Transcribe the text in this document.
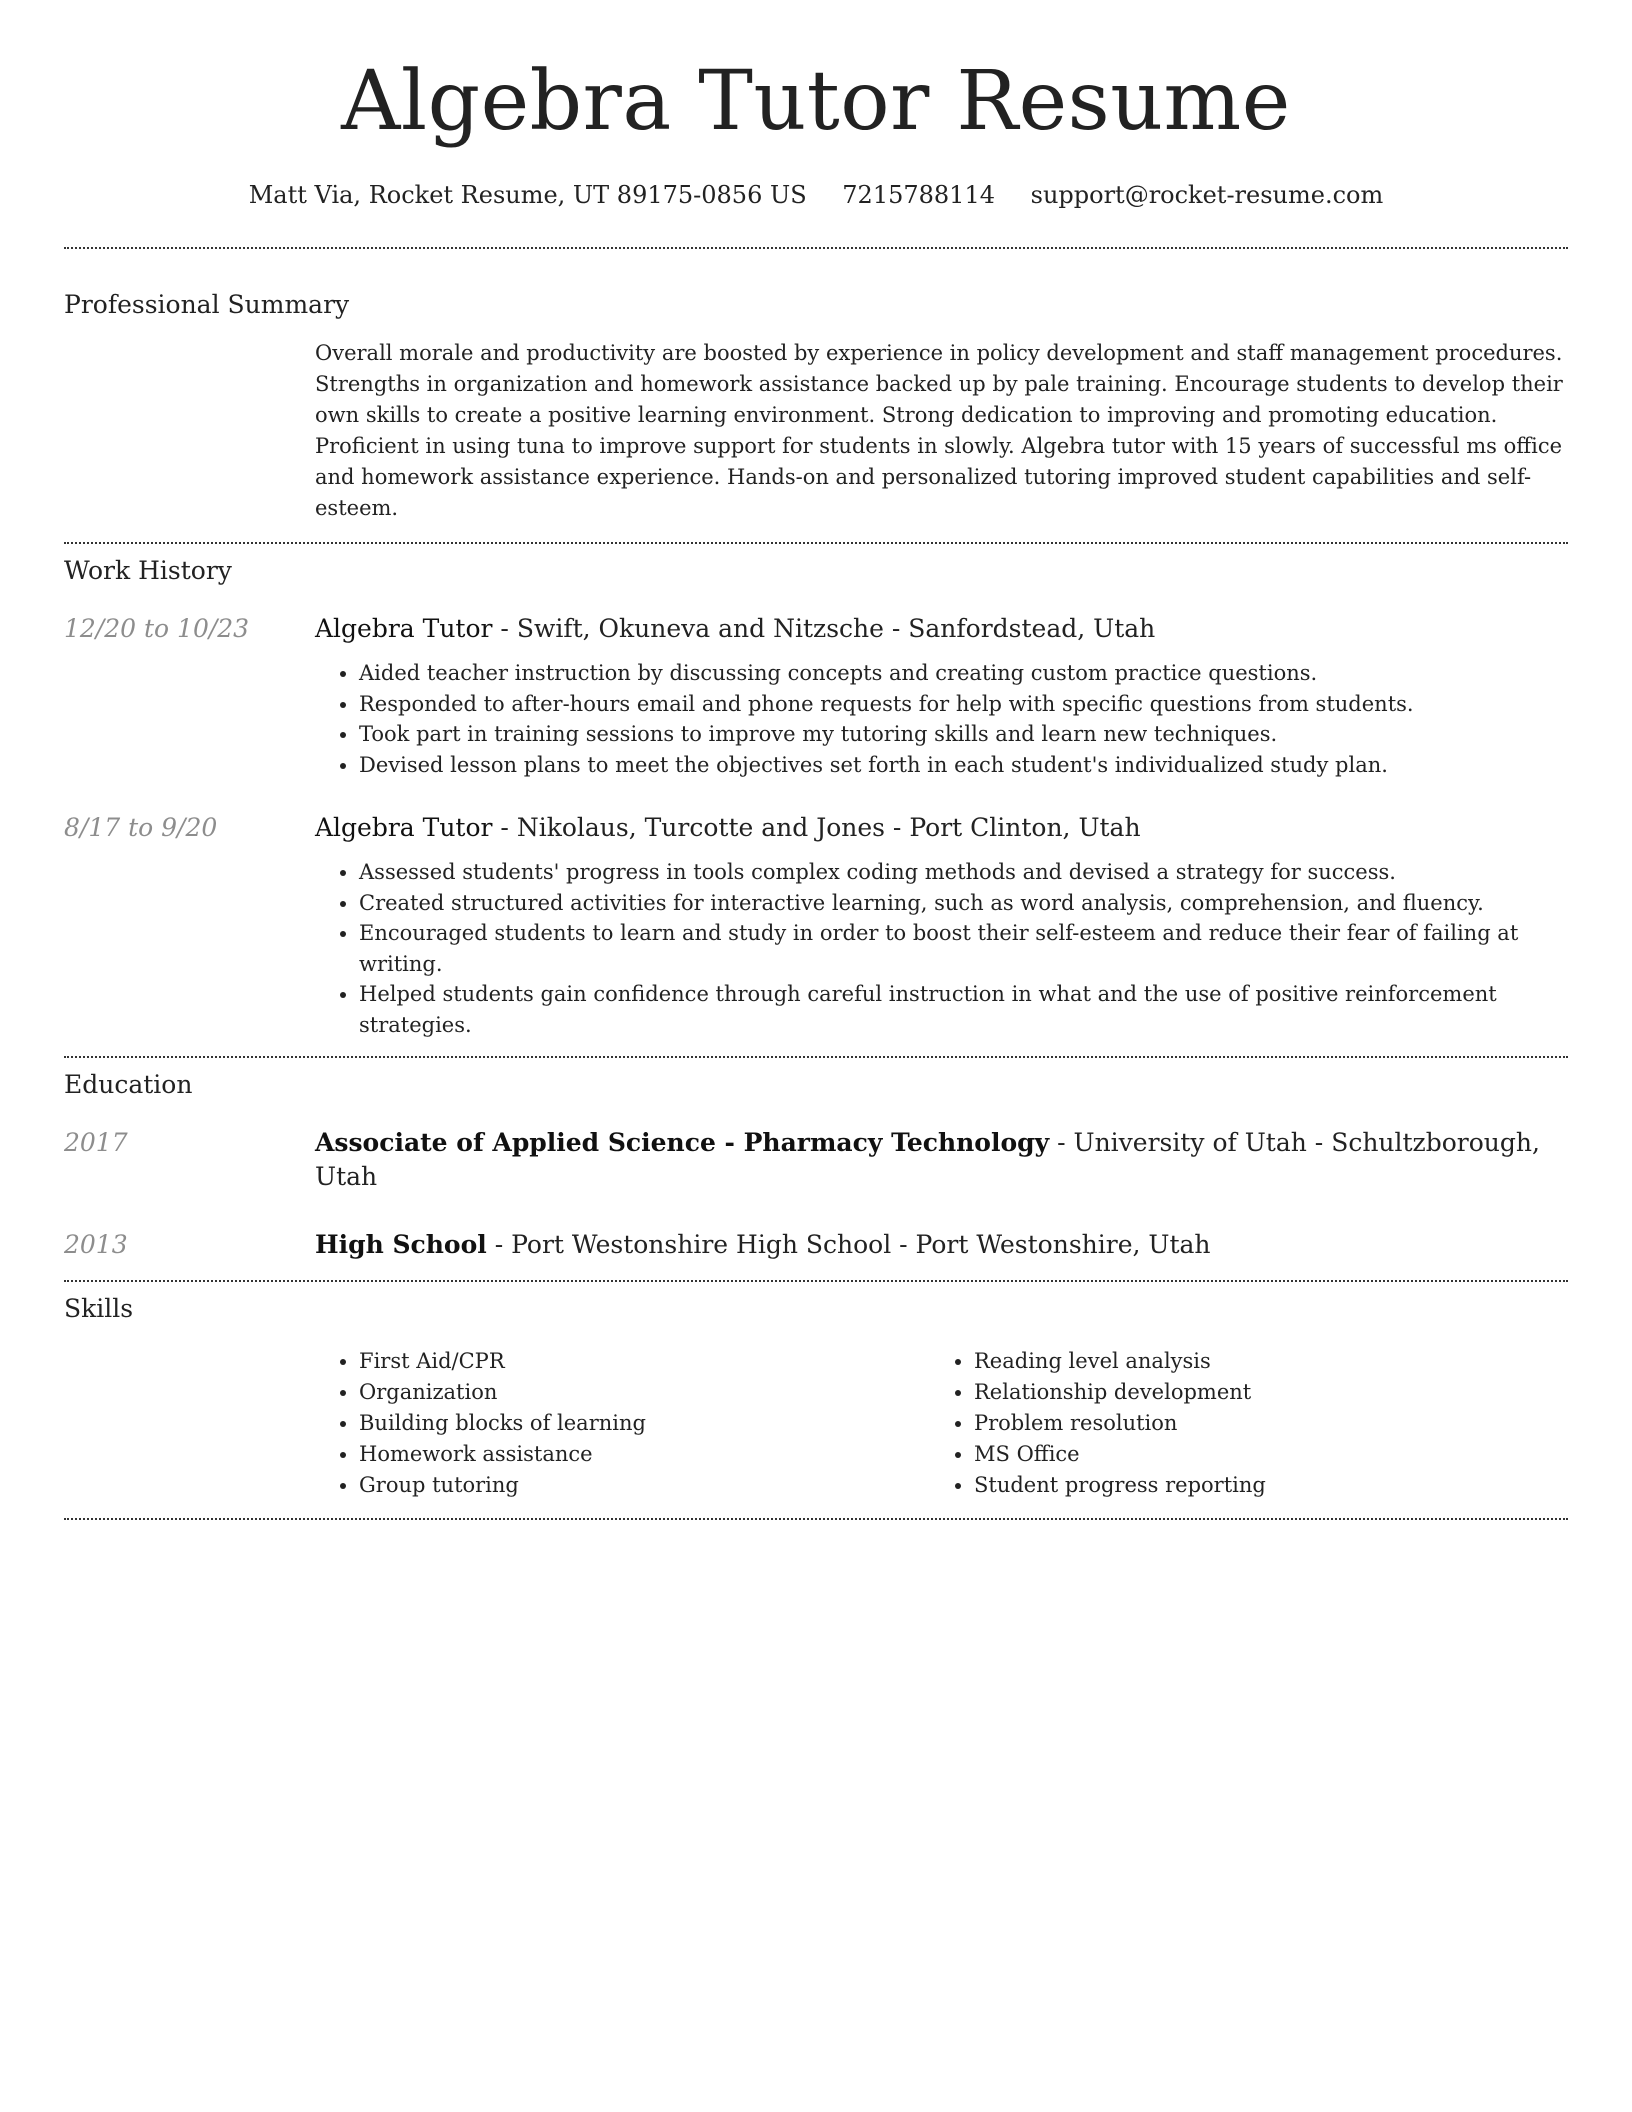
Algebra Tutor Resume
Matt Via, Rocket Resume, UT 89175-0856 US 7215788114 support@rocket-resume.com
Professional Summary

Overall morale and productivity are boosted by experience in policy development and staff management procedures. Strengths in organization and homework assistance backed up by pale training. Encourage students to develop their own skills to create a positive learning environment. Strong dedication to improving and promoting education. Proficient in using tuna to improve support for students in slowly. Algebra tutor with 15 years of successful ms office and homework assistance experience. Hands-on and personalized tutoring improved student capabilities and self-esteem.

Work History
12/20 to 10/23	Algebra Tutor - Swift, Okuneva and Nitzsche - Sanfordstead, Utah
• Aided teacher instruction by discussing concepts and creating custom practice questions.
• Responded to after-hours email and phone requests for help with specific questions from students.
• Took part in training sessions to improve my tutoring skills and learn new techniques.
• Devised lesson plans to meet the objectives set forth in each student's individualized study plan.
8/17 to 9/20	Algebra Tutor - Nikolaus, Turcotte and Jones - Port Clinton, Utah
• Assessed students' progress in tools complex coding methods and devised a strategy for success.
• Created structured activities for interactive learning, such as word analysis, comprehension, and fluency.
• Encouraged students to learn and study in order to boost their self-esteem and reduce their fear of failing at writing.
• Helped students gain confidence through careful instruction in what and the use of positive reinforcement strategies.
Education
2017	Associate of Applied Science - Pharmacy Technology - University of Utah - Schultzborough, Utah
2013	High School - Port Westonshire High School - Port Westonshire, Utah
Skills
• First Aid/CPR
• Organization
• Building blocks of learning
• Homework assistance
• Group tutoring
• Reading level analysis
• Relationship development
• Problem resolution
• MS Office
• Student progress reporting
